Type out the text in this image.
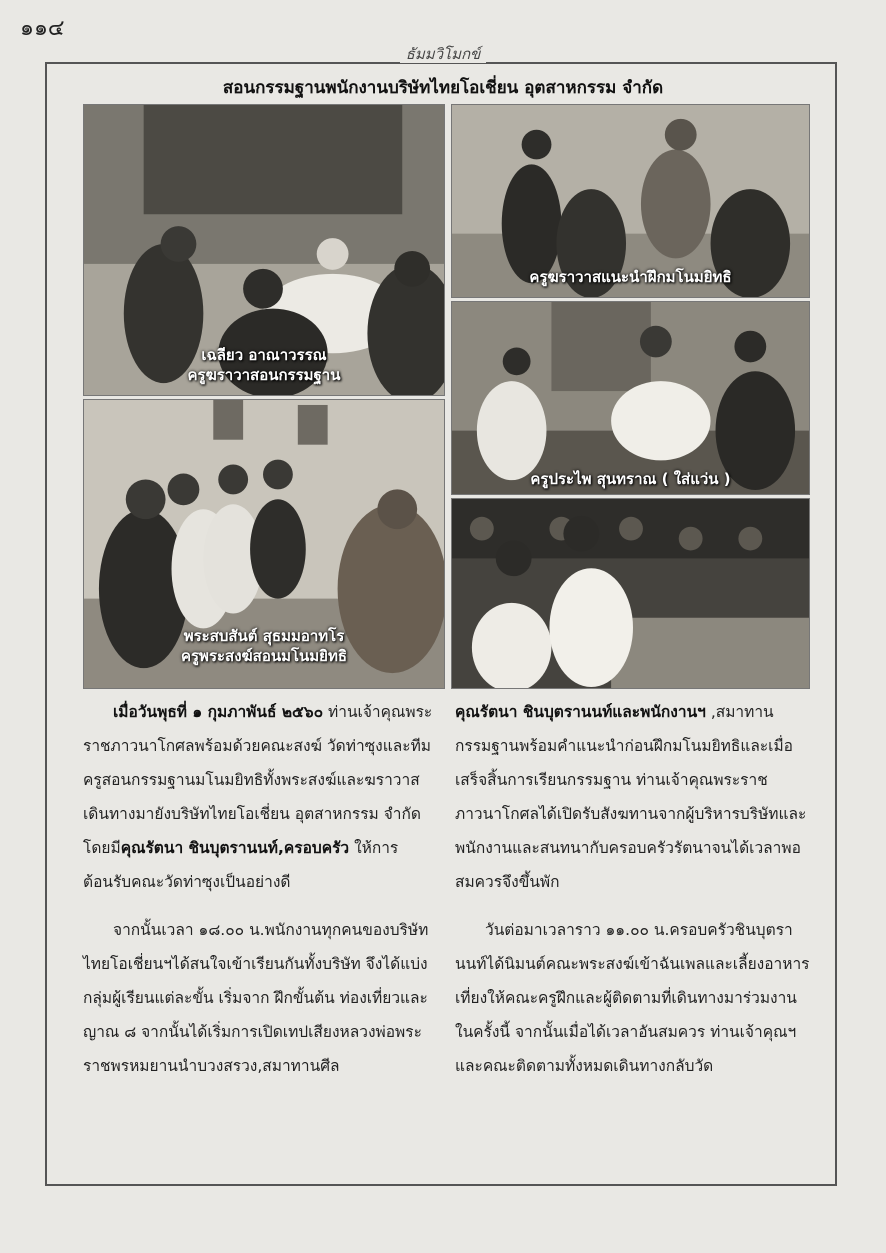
๑๑๔
ธัมมวิโมกข์
สอนกรรมฐานพนักงานบริษัทไทยโอเชี่ยน อุตสาหกรรม จำกัด
เฉลียว อาณาวรรณ
ครูฆราวาสอนกรรมฐาน
ครูฆราวาสแนะนำฝึกมโนมยิทธิ
ครูประไพ สุนทราณ ( ใส่แว่น )
พระสบสันต์ สุธมมอาทโร
ครูพระสงฆ์สอนมโนมยิทธิ

เมื่อวันพุธที่ ๑ กุมภาพันธ์ ๒๕๖๐ ท่านเจ้าคุณพระราชภาวนาโกศลพร้อมด้วยคณะสงฆ์ วัดท่าซุงและทีมครูสอนกรรมฐานมโนมยิทธิทั้งพระสงฆ์และฆราวาสเดินทางมายังบริษัทไทยโอเชี่ยน อุตสาหกรรม จำกัด โดยมีคุณรัตนา ชินบุตรานนท์,ครอบครัว ให้การต้อนรับคณะวัดท่าซุงเป็นอย่างดี

จากนั้นเวลา ๑๘.๐๐ น.พนักงานทุกคนของบริษัทไทยโอเชี่ยนฯได้สนใจเข้าเรียนกันทั้งบริษัท จึงได้แบ่งกลุ่มผู้เรียนแต่ละขั้น เริ่มจาก ฝึกขั้นต้น ท่องเที่ยวและญาณ ๘ จากนั้นได้เริ่มการเปิดเทปเสียงหลวงพ่อพระราชพรหมยานนำบวงสรวง,สมาทานศีล

คุณรัตนา ชินบุตรานนท์และพนักงานฯ ,สมาทานกรรมฐานพร้อมคำแนะนำก่อนฝึกมโนมยิทธิและเมื่อเสร็จสิ้นการเรียนกรรมฐาน ท่านเจ้าคุณพระราชภาวนาโกศลได้เปิดรับสังฆทานจากผู้บริหารบริษัทและพนักงานและสนทนากับครอบครัวรัตนาจนได้เวลาพอสมควรจึงขึ้นพัก

วันต่อมาเวลาราว ๑๑.๐๐ น.ครอบครัวชินบุตรานนท์ได้นิมนต์คณะพระสงฆ์เข้าฉันเพลและเลี้ยงอาหารเที่ยงให้คณะครูฝึกและผู้ติดตามที่เดินทางมาร่วมงานในครั้งนี้ จากนั้นเมื่อได้เวลาอันสมควร ท่านเจ้าคุณฯและคณะติดตามทั้งหมดเดินทางกลับวัด
